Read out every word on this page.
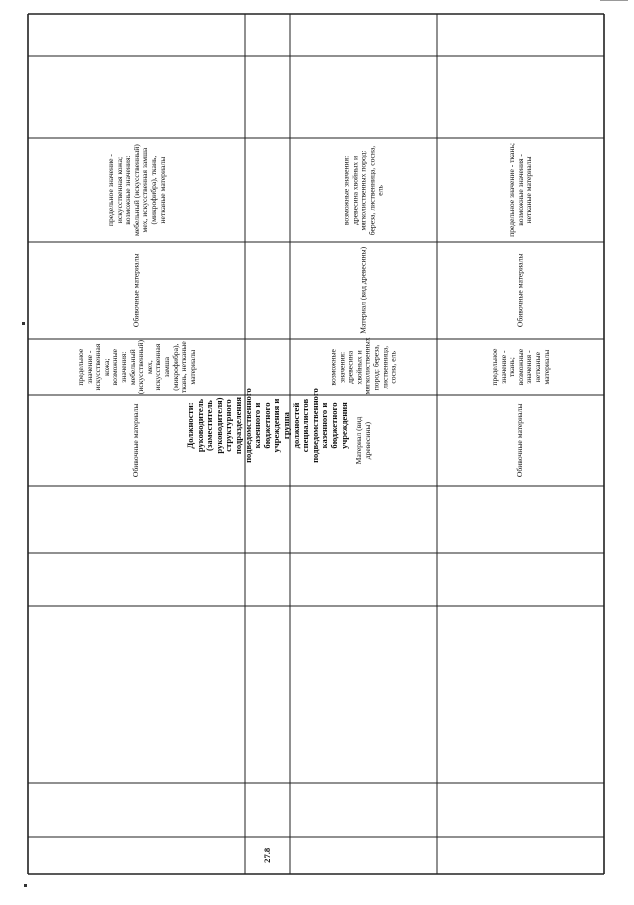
27.8
Должности: руководитель (заместитель руководителя) структурного подразделения подведомственного казенного и бюджетного учреждения и группа должностей специалистов подведомственного казенного и бюджетного учреждения
Обивочные материалы
предельное значение - искусственная кожа; возможные значения: мебельный (искусственный) мех, искусственная замша (микрофибра), ткань, нетканые материалы
Обивочные материалы
предельное значение - искусственная кожа; возможные значения: мебельный (искусственный) мех, искусственная замша (микрофибра), ткань, нетканые материалы
Материал (вид древесины)
возможные значения: древесина хвойных и мягколиственных пород: береза, лиственница, сосна, ель
Материал (вид древесины)
возможные значения: древесина хвойных и мягколиственных пород: береза, лиственница, сосна, ель
Обивочные материалы
предельное значение - ткань; возможные значения - нетканые материалы
Обивочные материалы
предельное значение - ткань; возможные значения - нетканые материалы
